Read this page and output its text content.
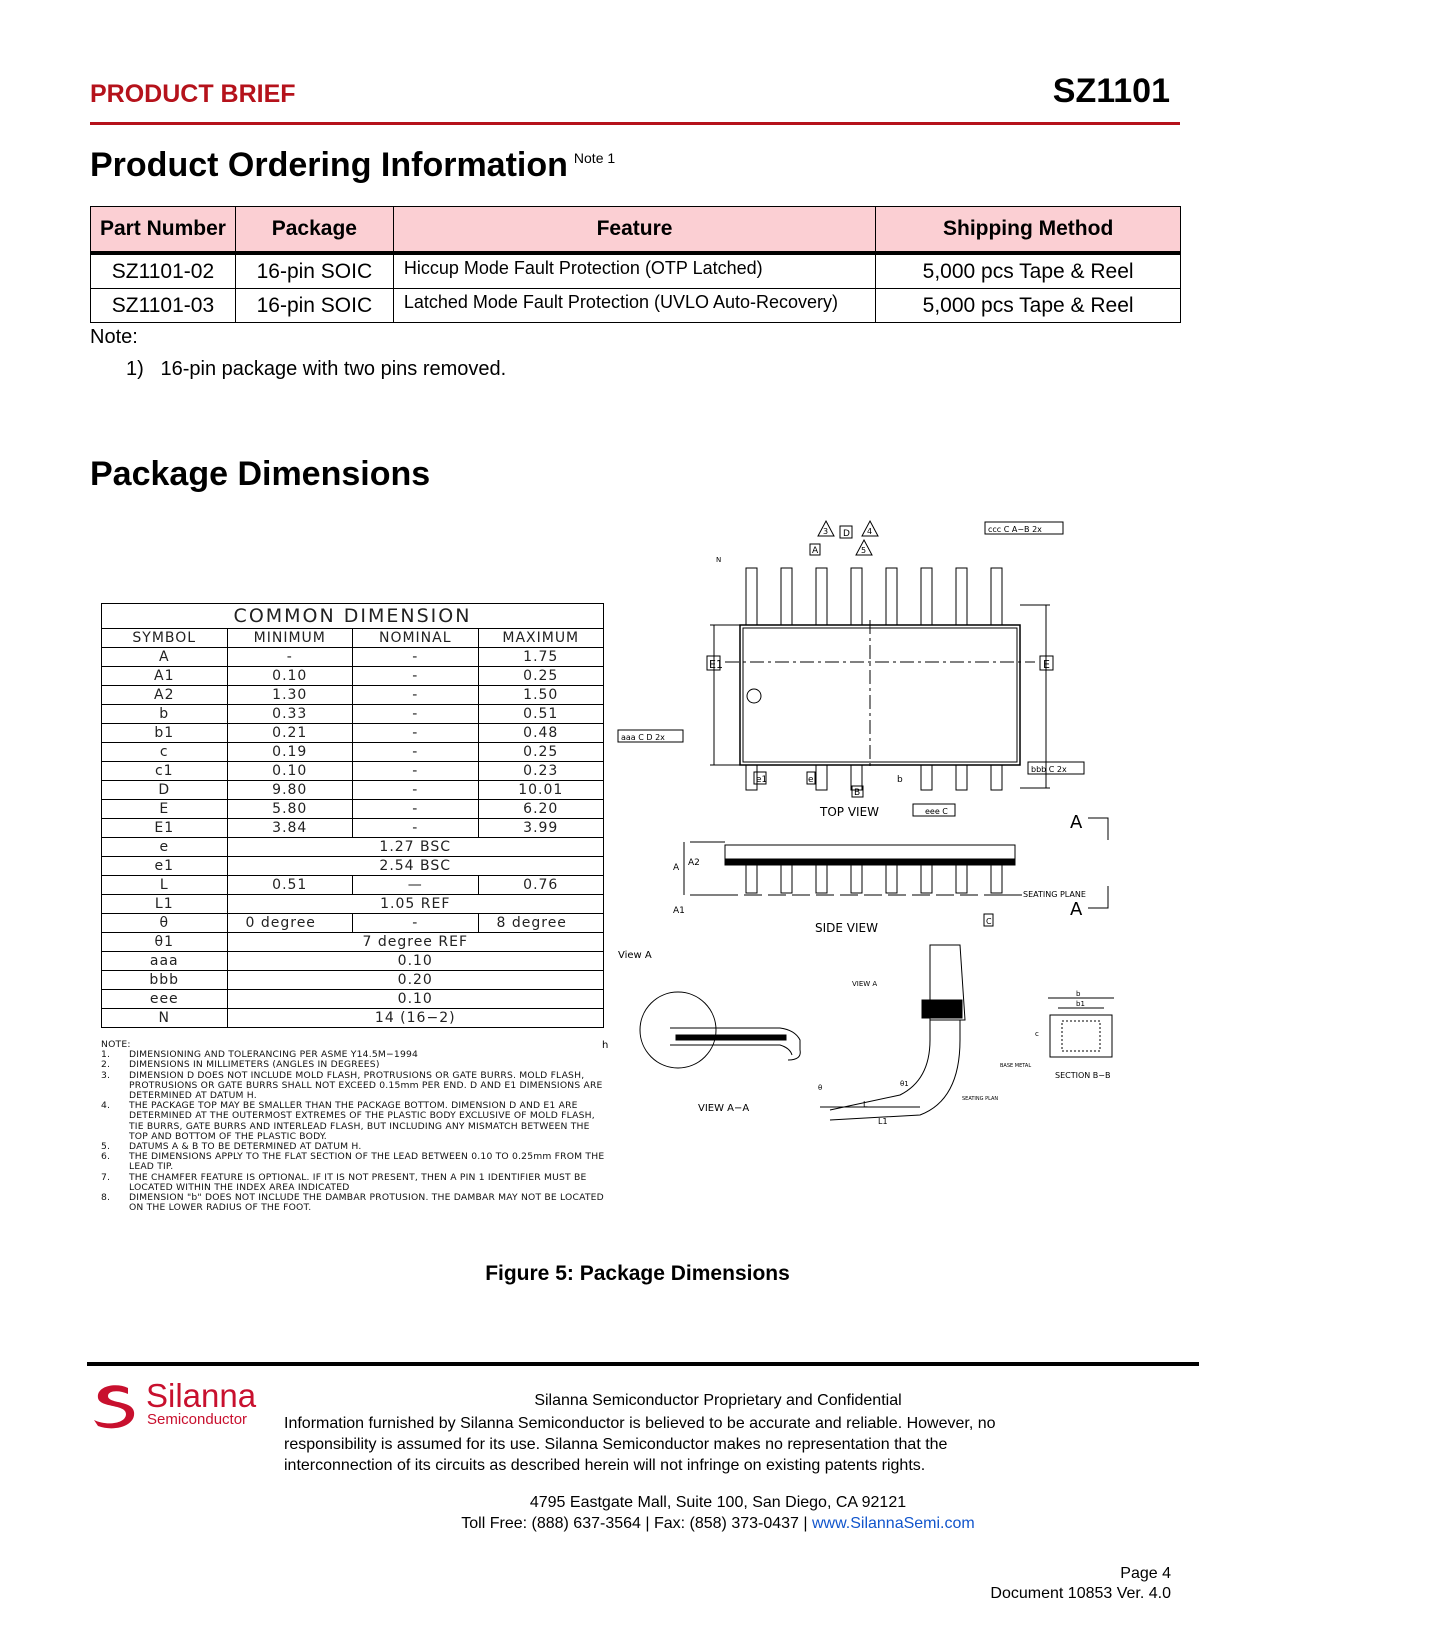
PRODUCT BRIEF	SZ1101
Product Ordering Information $^{Note 1}$
Part Number	Package	Feature	Shipping Method
SZ1101-02	16-pin SOIC	Hiccup Mode Fault Protection (OTP Latched)	5,000 pcs Tape & Reel
SZ1101-03	16-pin SOIC	Latched Mode Fault Protection (UVLO Auto-Recovery)	5,000 pcs Tape & Reel
Note:
1) 16-pin package with two pins removed.
Package Dimensions
COMMON DIMENSION			
SYMBOL	MINIMUM	NOMINAL	MAXIMUM
A	-	-	1.75
A1	0.10	-	0.25
A2	1.30	-	1.50
b	0.33	-	0.51
b1	0.21	-	0.48
c	0.19	-	0.25
c1	0.10	-	0.23
D	9.80	-	10.01
E	5.80	-	6.20
E1	3.84	-	3.99
e	1.27 BSC		
e1	2.54 BSC		
L	0.51	—	0.76
L1	1.05 REF		
θ	0 degree	-	8 degree
θ1	7 degree REF		
aaa	0.10		
bbb	0.20		
eee	0.10		
N	14 (16−2)		
NOTE:
1.	DIMENSIONING AND TOLERANCING PER ASME Y14.5M−1994
2.	DIMENSIONS IN MILLIMETERS (ANGLES IN DEGREES)
3.	DIMENSION D DOES NOT INCLUDE MOLD FLASH, PROTRUSIONS OR GATE BURRS. MOLD FLASH, PROTRUSIONS OR GATE BURRS SHALL NOT EXCEED 0.15mm PER END. D AND E1 DIMENSIONS ARE DETERMINED AT DATUM H.
4.	THE PACKAGE TOP MAY BE SMALLER THAN THE PACKAGE BOTTOM. DIMENSION D AND E1 ARE DETERMINED AT THE OUTERMOST EXTREMES OF THE PLASTIC BODY EXCLUSIVE OF MOLD FLASH, TIE BURRS, GATE BURRS AND INTERLEAD FLASH, BUT INCLUDING ANY MISMATCH BETWEEN THE TOP AND BOTTOM OF THE PLASTIC BODY.
5.	DATUMS A & B TO BE DETERMINED AT DATUM H.
6.	THE DIMENSIONS APPLY TO THE FLAT SECTION OF THE LEAD BETWEEN 0.10 TO 0.25mm FROM THE LEAD TIP.
7.	THE CHAMFER FEATURE IS OPTIONAL. IF IT IS NOT PRESENT, THEN A PIN 1 IDENTIFIER MUST BE LOCATED WITHIN THE INDEX AREA INDICATED
8.	DIMENSION "b" DOES NOT INCLUDE THE DAMBAR PROTUSION. THE DAMBAR MAY NOT BE LOCATED ON THE LOWER RADIUS OF THE FOOT.
E1	E
aaa C D 2x
ccc C A−B 2x
bbb C 2x
3	4
D
A	5
N
e1	e	b
B
TOP VIEW	eee C
A A2
A1
SEATING PLANE
C
SIDE VIEW
A
A
View A
h
VIEW A−A
VIEW A
L
L1
SEATING PLAN
θ1
θ
b
b1
c
BASE METAL
SECTION B−B
Figure 5: Package Dimensions
Silanna
Semiconductor
Silanna Semiconductor Proprietary and Confidential
Information furnished by Silanna Semiconductor is believed to be accurate and reliable. However, no responsibility is assumed for its use. Silanna Semiconductor makes no representation that the interconnection of its circuits as described herein will not infringe on existing patents rights.
4795 Eastgate Mall, Suite 100, San Diego, CA 92121
Toll Free: (888) 637-3564 | Fax: (858) 373-0437 | www.SilannaSemi.com
Page 4
Document 10853 Ver. 4.0
